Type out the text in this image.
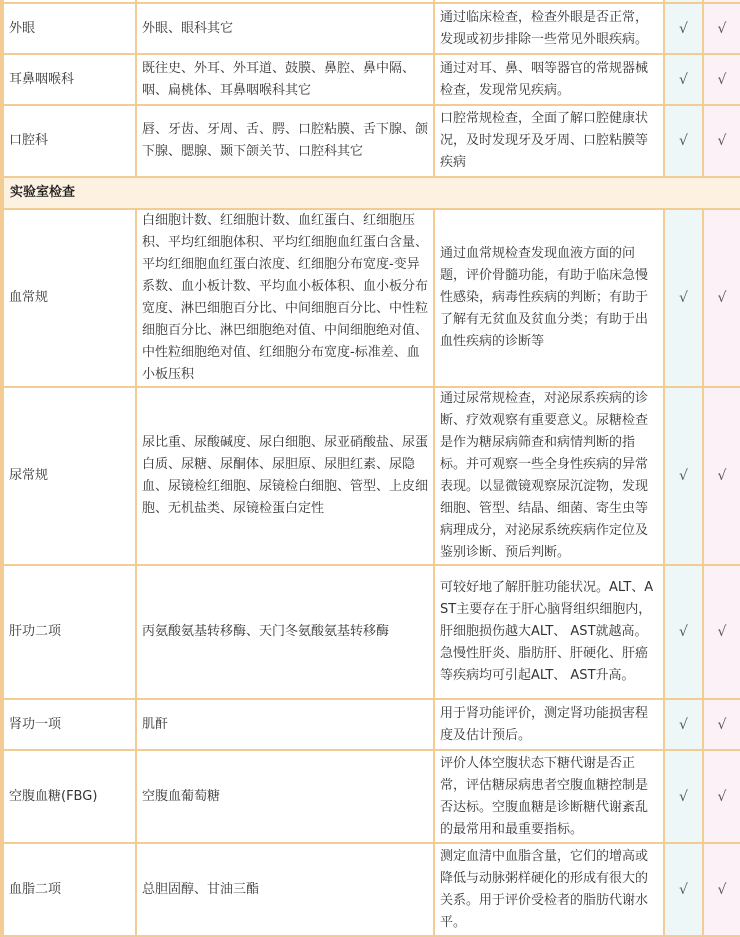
外眼	外眼、眼科其它	通过临床检查，检查外眼是否正常，发现或初步排除一些常见外眼疾病。	√	√
耳鼻咽喉科	既往史、外耳、外耳道、鼓膜、鼻腔、鼻中隔、咽、扁桃体、耳鼻咽喉科其它	通过对耳、鼻、咽等器官的常规器械检查，发现常见疾病。	√	√
口腔科	唇、牙齿、牙周、舌、腭、口腔粘膜、舌下腺、颌下腺、腮腺、颞下颌关节、口腔科其它	口腔常规检查，全面了解口腔健康状况，及时发现牙及牙周、口腔粘膜等疾病	√	√
实验室检查				
血常规	白细胞计数、红细胞计数、血红蛋白、红细胞压积、平均红细胞体积、平均红细胞血红蛋白含量、平均红细胞血红蛋白浓度、红细胞分布宽度-变异系数、血小板计数、平均血小板体积、血小板分布宽度、淋巴细胞百分比、中间细胞百分比、中性粒细胞百分比、淋巴细胞绝对值、中间细胞绝对值、中性粒细胞绝对值、红细胞分布宽度-标准差、血小板压积	通过血常规检查发现血液方面的问题，评价骨髓功能，有助于临床急慢性感染，病毒性疾病的判断；有助于了解有无贫血及贫血分类；有助于出血性疾病的诊断等	√	√
尿常规	尿比重、尿酸碱度、尿白细胞、尿亚硝酸盐、尿蛋白质、尿糖、尿酮体、尿胆原、尿胆红素、尿隐血、尿镜检红细胞、尿镜检白细胞、管型、上皮细胞、无机盐类、尿镜检蛋白定性	通过尿常规检查，对泌尿系疾病的诊断、疗效观察有重要意义。尿糖检查是作为糖尿病筛查和病情判断的指标。并可观察一些全身性疾病的异常表现。以显微镜观察尿沉淀物，发现细胞、管型、结晶、细菌、寄生虫等病理成分，对泌尿系统疾病作定位及鉴别诊断、预后判断。	√	√
肝功二项	丙氨酸氨基转移酶、天门冬氨酸氨基转移酶	可较好地了解肝脏功能状况。ALT、AST主要存在于肝心脑肾组织细胞内，肝细胞损伤越大ALT、 AST就越高。急慢性肝炎、脂肪肝、肝硬化、肝癌等疾病均可引起ALT、 AST升高。	√	√
肾功一项	肌酐	用于肾功能评价，测定肾功能损害程度及估计预后。	√	√
空腹血糖(FBG)	空腹血葡萄糖	评价人体空腹状态下糖代谢是否正常，评估糖尿病患者空腹血糖控制是否达标。空腹血糖是诊断糖代谢紊乱的最常用和最重要指标。	√	√
血脂二项	总胆固醇、甘油三酯	测定血清中血脂含量，它们的增高或降低与动脉粥样硬化的形成有很大的关系。用于评价受检者的脂肪代谢水平。	√	√
